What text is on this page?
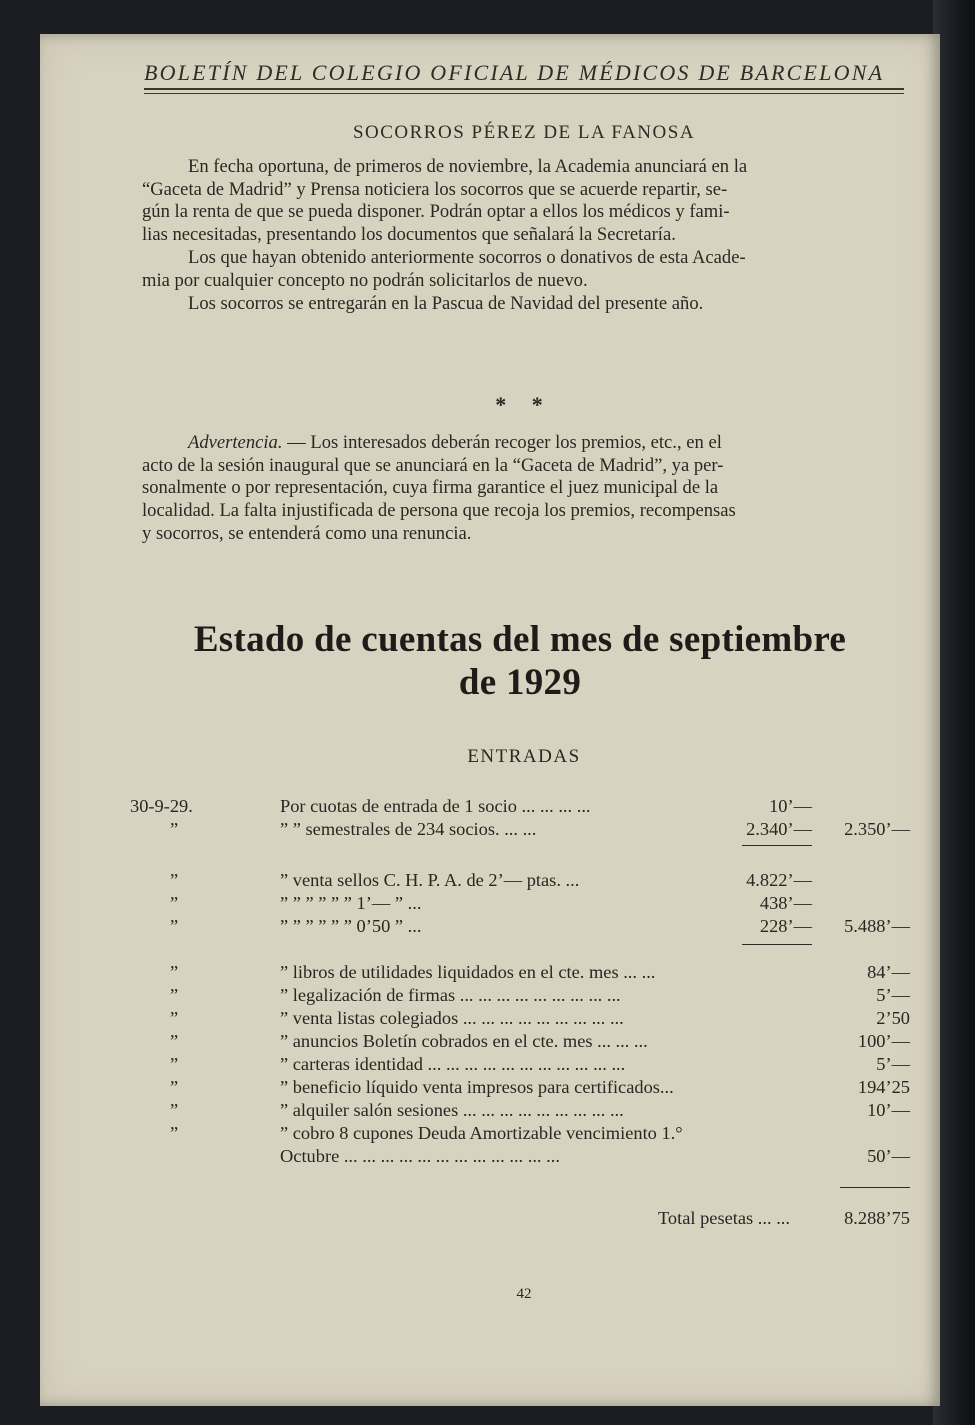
BOLETÍN DEL COLEGIO OFICIAL DE MÉDICOS DE BARCELONA
SOCORROS PÉREZ DE LA FANOSA
En fecha oportuna, de primeros de noviembre, la Academia anunciará en la
“Gaceta de Madrid” y Prensa noticiera los socorros que se acuerde repartir, se-
gún la renta de que se pueda disponer. Podrán optar a ellos los médicos y fami-
lias necesitadas, presentando los documentos que señalará la Secretaría.
Los que hayan obtenido anteriormente socorros o donativos de esta Acade-
mia por cualquier concepto no podrán solicitarlos de nuevo.
Los socorros se entregarán en la Pascua de Navidad del presente año.
* *
Advertencia. — Los interesados deberán recoger los premios, etc., en el
acto de la sesión inaugural que se anunciará en la “Gaceta de Madrid”, ya per-
sonalmente o por representación, cuya firma garantice el juez municipal de la
localidad. La falta injustificada de persona que recoja los premios, recompensas
y socorros, se entenderá como una renuncia.
Estado de cuentas del mes de septiembre
de 1929
ENTRADAS
30-9-29.	Por cuotas de entrada de 1 socio ... ... ... ...	10’—
”	” ” semestrales de 234 socios. ... ...	2.340’— 2.350’—
”	” venta sellos C. H. P. A. de 2’— ptas. ...	4.822’—
”	” ” ” ” ” ” 1’— ” ...	438’—
”	” ” ” ” ” ” 0’50 ” ...	228’— 5.488’—
”	” libros de utilidades liquidados en el cte. mes ... ...	84’—
”	” legalización de firmas ... ... ... ... ... ... ... ... ...	5’—
”	” venta listas colegiados ... ... ... ... ... ... ... ... ...	2’50
”	” anuncios Boletín cobrados en el cte. mes ... ... ...	100’—
”	” carteras identidad ... ... ... ... ... ... ... ... ... ... ...	5’—
”	” beneficio líquido venta impresos para certificados...	194’25
”	” alquiler salón sesiones ... ... ... ... ... ... ... ... ...	10’—
”	” cobro 8 cupones Deuda Amortizable vencimiento 1.°
Octubre ... ... ... ... ... ... ... ... ... ... ... ...	50’—
Total pesetas ... ...	8.288’75
42
